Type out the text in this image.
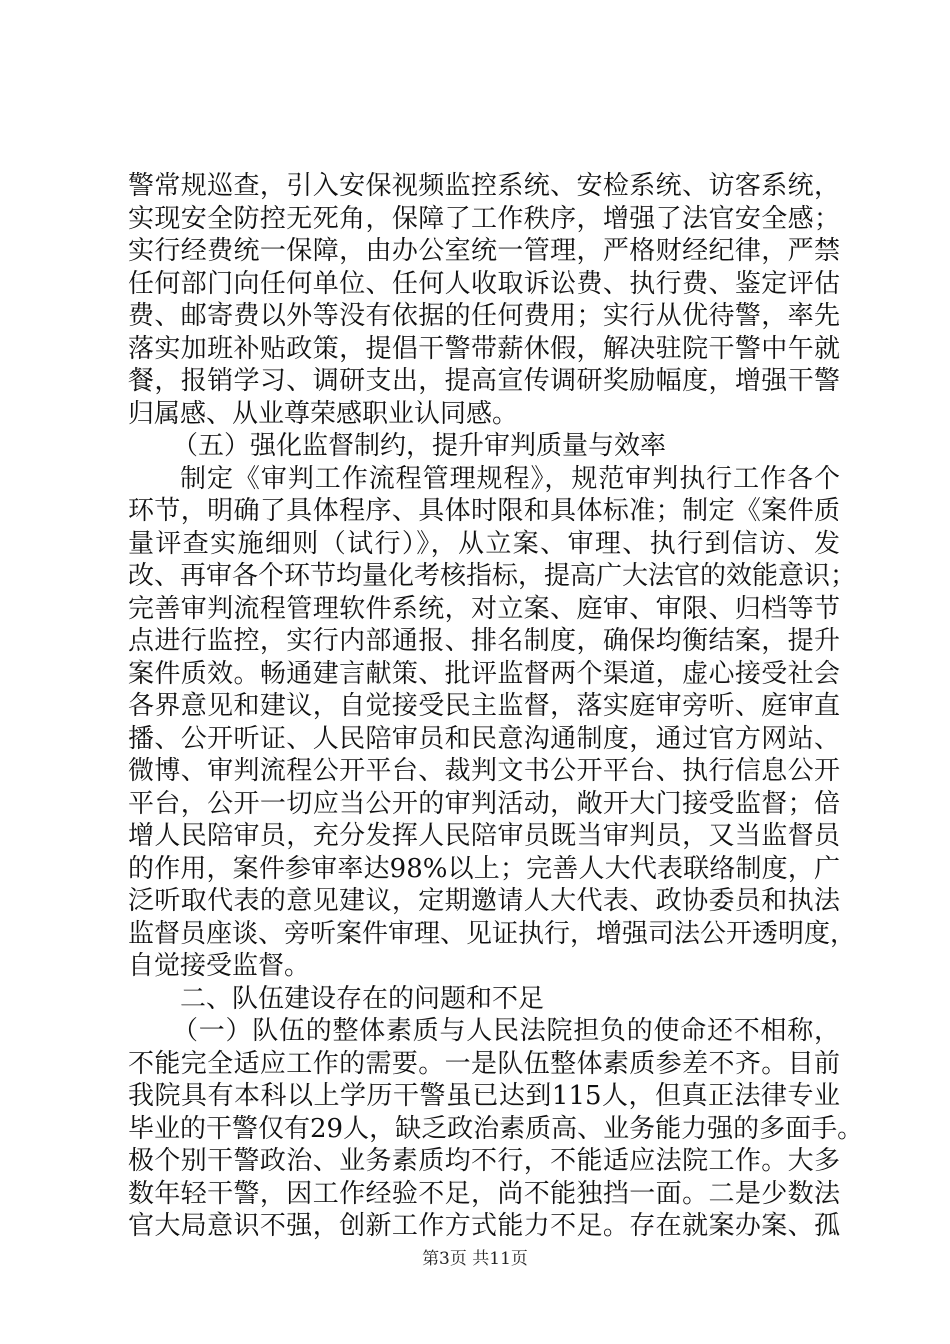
警常规巡查，引入安保视频监控系统、安检系统、访客系统，
实现安全防控无死角，保障了工作秩序，增强了法官安全感；
实行经费统一保障，由办公室统一管理，严格财经纪律，严禁
任何部门向任何单位、任何人收取诉讼费、执行费、鉴定评估
费、邮寄费以外等没有依据的任何费用；实行从优待警，率先
落实加班补贴政策，提倡干警带薪休假，解决驻院干警中午就
餐，报销学习、调研支出，提高宣传调研奖励幅度，增强干警
归属感、从业尊荣感职业认同感。
（五）强化监督制约，提升审判质量与效率
制定《审判工作流程管理规程》，规范审判执行工作各个
环节，明确了具体程序、具体时限和具体标准；制定《案件质
量评查实施细则（试行）》，从立案、审理、执行到信访、发
改、再审各个环节均量化考核指标，提高广大法官的效能意识；
完善审判流程管理软件系统，对立案、庭审、审限、归档等节
点进行监控，实行内部通报、排名制度，确保均衡结案，提升
案件质效。畅通建言献策、批评监督两个渠道，虚心接受社会
各界意见和建议，自觉接受民主监督，落实庭审旁听、庭审直
播、公开听证、人民陪审员和民意沟通制度，通过官方网站、
微博、审判流程公开平台、裁判文书公开平台、执行信息公开
平台，公开一切应当公开的审判活动，敞开大门接受监督；倍
增人民陪审员，充分发挥人民陪审员既当审判员，又当监督员
的作用，案件参审率达98%以上；完善人大代表联络制度，广
泛听取代表的意见建议，定期邀请人大代表、政协委员和执法
监督员座谈、旁听案件审理、见证执行，增强司法公开透明度，
自觉接受监督。
二、队伍建设存在的问题和不足
（一）队伍的整体素质与人民法院担负的使命还不相称，
不能完全适应工作的需要。一是队伍整体素质参差不齐。目前
我院具有本科以上学历干警虽已达到115人，但真正法律专业
毕业的干警仅有29人，缺乏政治素质高、业务能力强的多面手。
极个别干警政治、业务素质均不行，不能适应法院工作。大多
数年轻干警，因工作经验不足，尚不能独挡一面。二是少数法
官大局意识不强，创新工作方式能力不足。存在就案办案、孤
第3页 共11页
